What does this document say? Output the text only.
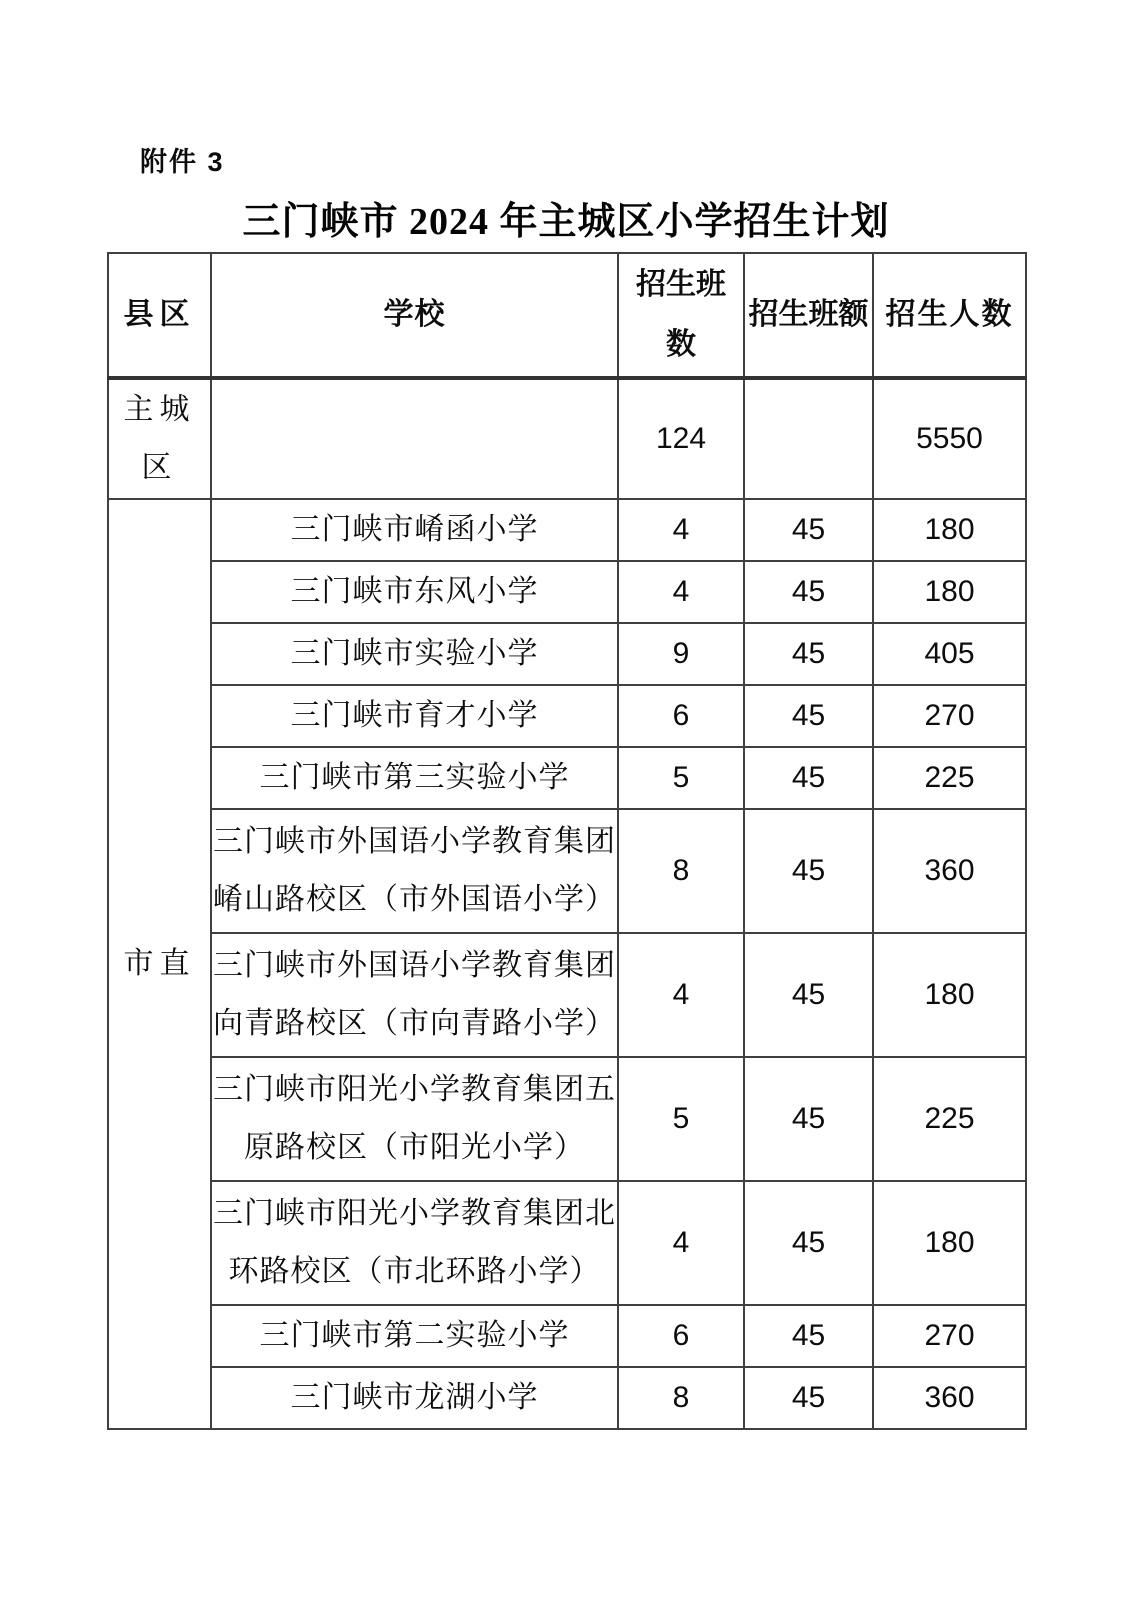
附件 3
三门峡市 2024 年主城区小学招生计划
县区	学校	招生班数	招生班额	招生人数
主城区		124		5550
市直	三门峡市崤函小学	4	45	180
	三门峡市东风小学	4	45	180
	三门峡市实验小学	9	45	405
	三门峡市育才小学	6	45	270
	三门峡市第三实验小学	5	45	225
	三门峡市外国语小学教育集团崤山路校区（市外国语小学）	8	45	360
	三门峡市外国语小学教育集团向青路校区（市向青路小学）	4	45	180
	三门峡市阳光小学教育集团五原路校区（市阳光小学）	5	45	225
	三门峡市阳光小学教育集团北环路校区（市北环路小学）	4	45	180
	三门峡市第二实验小学	6	45	270
	三门峡市龙湖小学	8	45	360
